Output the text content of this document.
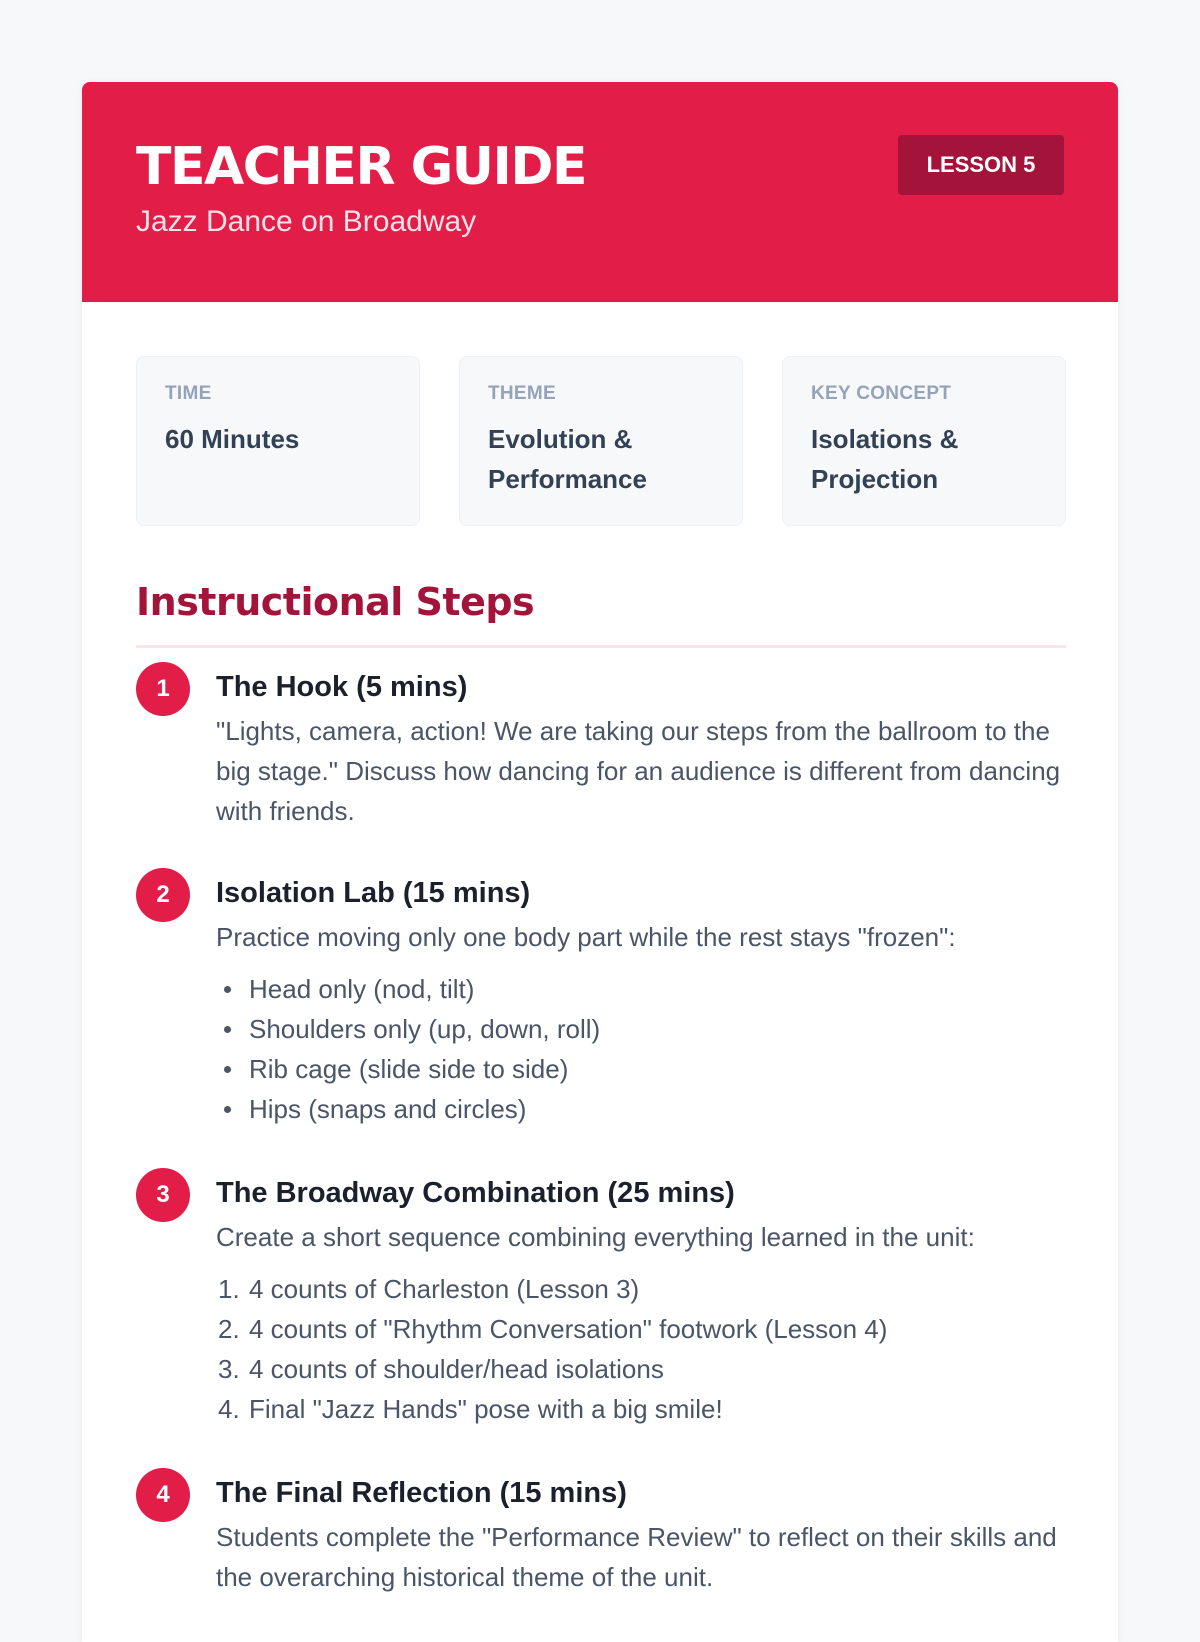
TEACHER GUIDE
Jazz Dance on Broadway
LESSON 5
TIME
60 Minutes
THEME
Evolution & Performance
KEY CONCEPT
Isolations & Projection
Instructional Steps
1	The Hook (5 mins)
"Lights, camera, action! We are taking our steps from the ballroom to the big stage." Discuss how dancing for an audience is different from dancing with friends.
2	Isolation Lab (15 mins)
Practice moving only one body part while the rest stays "frozen":
Head only (nod, tilt)
Shoulders only (up, down, roll)
Rib cage (slide side to side)
Hips (snaps and circles)
3	The Broadway Combination (25 mins)
Create a short sequence combining everything learned in the unit:
1. 4 counts of Charleston (Lesson 3)
2. 4 counts of "Rhythm Conversation" footwork (Lesson 4)
3. 4 counts of shoulder/head isolations
4. Final "Jazz Hands" pose with a big smile!
4	The Final Reflection (15 mins)
Students complete the "Performance Review" to reflect on their skills and the overarching historical theme of the unit.
